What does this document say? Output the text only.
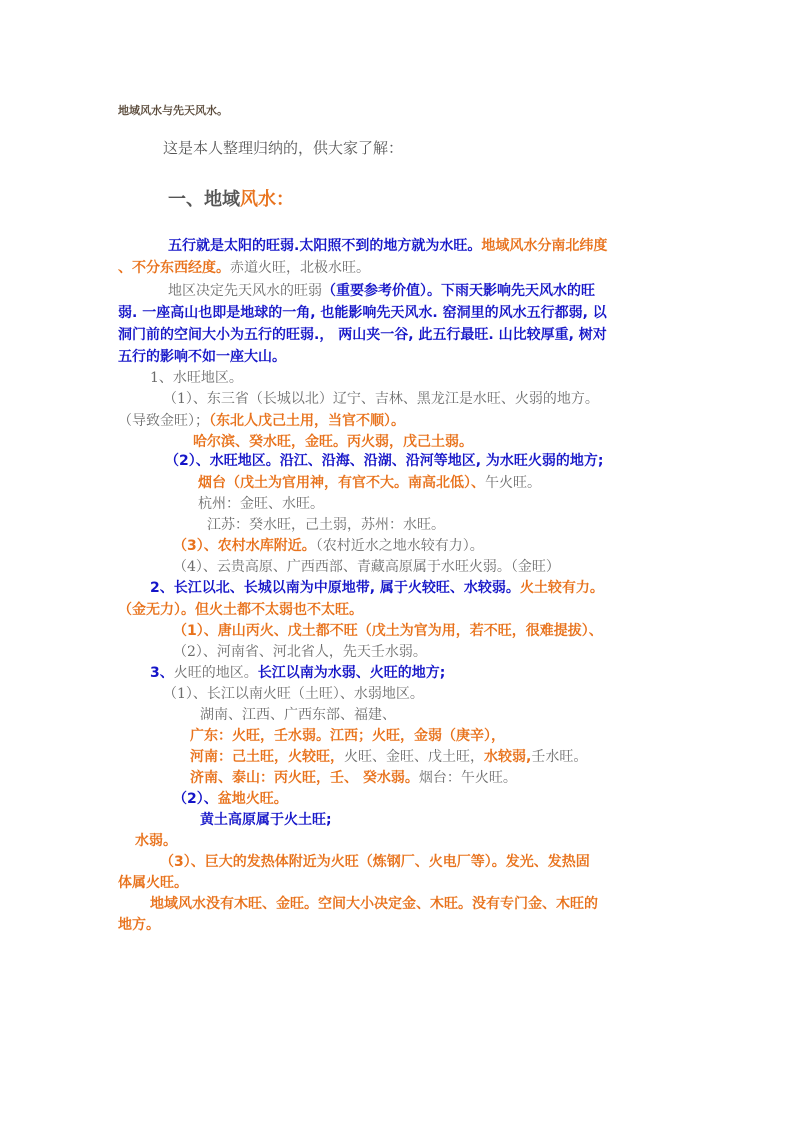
地域风水与先天风水。
这是本人整理归纳的，供大家了解：
一、地域风水：
五行就是太阳的旺弱.太阳照不到的地方就为水旺。地域风水分南北纬度
、不分东西经度。赤道火旺，北极水旺。
地区决定先天风水的旺弱（重要参考价值）。下雨天影响先天风水的旺
弱. 一座高山也即是地球的一角, 也能影响先天风水. 窑洞里的风水五行都弱, 以
洞门前的空间大小为五行的旺弱.， 两山夹一谷, 此五行最旺. 山比较厚重, 树对
五行的影响不如一座大山。
1、水旺地区。
（1）、东三省（长城以北）辽宁、吉林、黑龙江是水旺、火弱的地方。
（导致金旺）；（东北人戊己土用，当官不顺）。
哈尔滨、癸水旺，金旺。丙火弱，戊己土弱。
（2）、水旺地区。沿江、沿海、沿湖、沿河等地区, 为水旺火弱的地方;
烟台（戊土为官用神，有官不大。南高北低）、午火旺。
杭州：金旺、水旺。
江苏：癸水旺，己土弱，苏州：水旺。
（3）、农村水库附近。（农村近水之地水较有力）。
（4）、云贵高原、广西西部、青藏高原属于水旺火弱。（金旺）
2、长江以北、长城以南为中原地带, 属于火较旺、水较弱。火土较有力。
（金无力）。但火土都不太弱也不太旺。
（1）、唐山丙火、戊土都不旺（戊土为官为用，若不旺，很难提拔）、
（2）、河南省、河北省人，先天壬水弱。
3、火旺的地区。长江以南为水弱、火旺的地方;
（1）、长江以南火旺（土旺）、水弱地区。
湖南、江西、广西东部、福建、
广东：火旺，壬水弱。江西；火旺，金弱（庚辛），
河南：己土旺，火较旺，火旺、金旺、戊土旺，水较弱,壬水旺。
济南、泰山：丙火旺，壬、 癸水弱。烟台：午火旺。
（2）、盆地火旺。
黄土高原属于火土旺;
水弱。
（3）、巨大的发热体附近为火旺（炼钢厂、火电厂等）。发光、发热固
体属火旺。
地域风水没有木旺、金旺。空间大小决定金、木旺。没有专门金、木旺的
地方。
